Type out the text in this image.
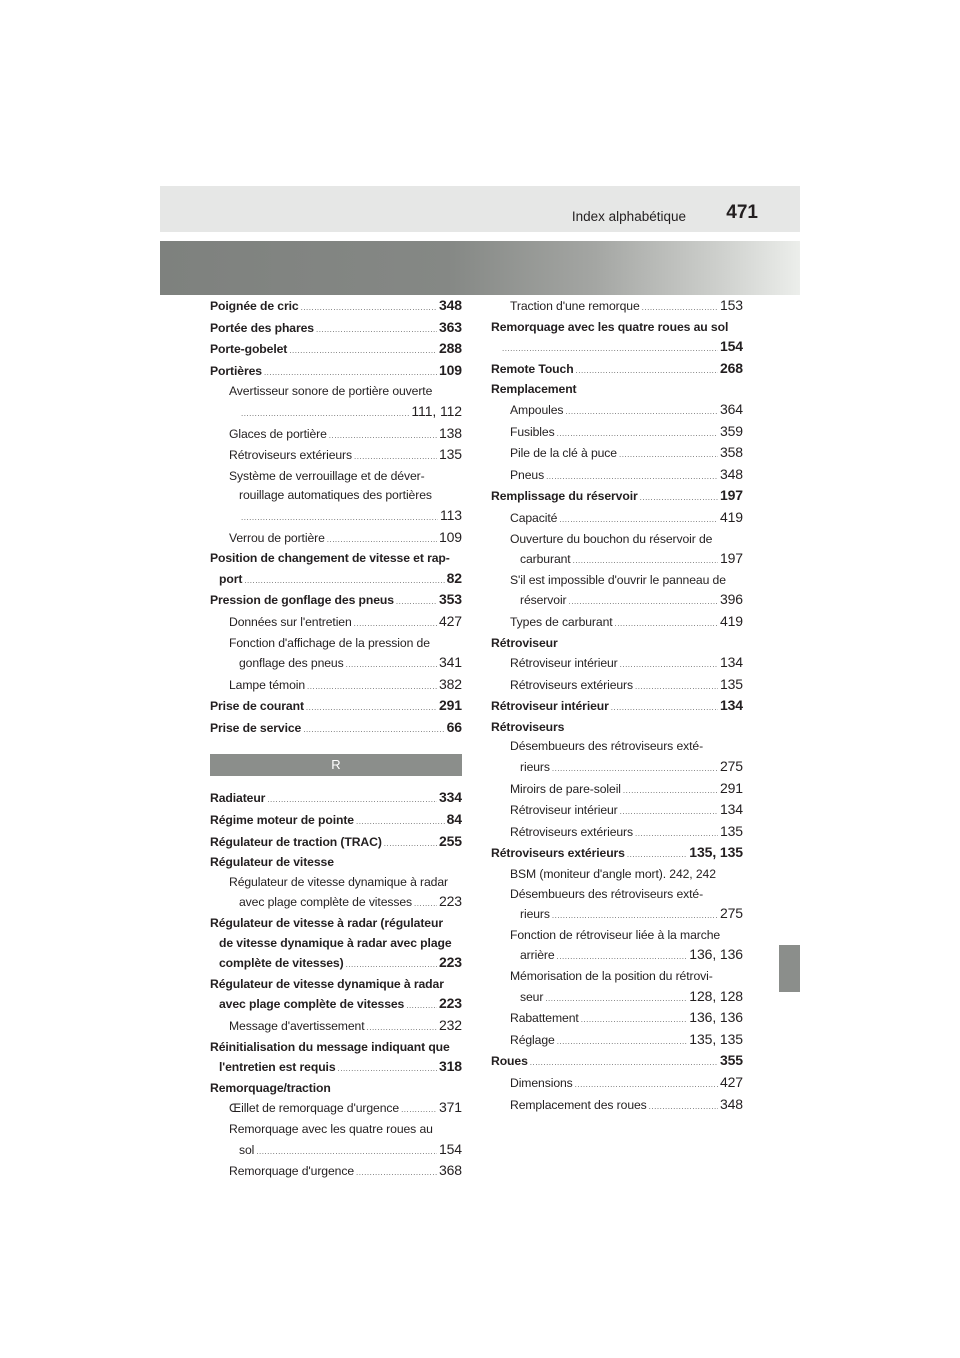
Index alphabétique 471
Poignée de cric .....	348
Portée des phares .....	363
Porte-gobelet .....	288
Portières .....	109
Avertisseur sonore de portière ouverte
.....
111, 112
Glaces de portière .....	138
Rétroviseurs extérieurs .....	135
Système de verrouillage et de déver-
rouillage automatiques des portières
.....
113
Verrou de portière .....	109
Position de changement de vitesse et rap-
port .....	82
Pression de gonflage des pneus .....	353
Données sur l'entretien .....	427
Fonction d'affichage de la pression de
gonflage des pneus .....	341
Lampe témoin .....	382
Prise de courant .....	291
Prise de service .....	66
R
Radiateur .....	334
Régime moteur de pointe .....	84
Régulateur de traction (TRAC) .....	255
Régulateur de vitesse
Régulateur de vitesse dynamique à radar
avec plage complète de vitesses ..... 223
Régulateur de vitesse à radar (régulateur
de vitesse dynamique à radar avec plage
complète de vitesses) .....	223
Régulateur de vitesse dynamique à radar
avec plage complète de vitesses ..... 223
Message d'avertissement .....	232
Réinitialisation du message indiquant que
l'entretien est requis .....	318
Remorquage/traction
Œillet de remorquage d'urgence .....	371
Remorquage avec les quatre roues au
sol .....	154
Remorquage d'urgence .....	368
Traction d'une remorque .....	153
Remorquage avec les quatre roues au sol
.....
154
Remote Touch .....	268
Remplacement
Ampoules .....	364
Fusibles .....	359
Pile de la clé à puce .....	358
Pneus .....	348
Remplissage du réservoir .....	197
Capacité .....	419
Ouverture du bouchon du réservoir de
carburant .....	197
S'il est impossible d'ouvrir le panneau de
réservoir .....	396
Types de carburant .....	419
Rétroviseur
Rétroviseur intérieur .....	134
Rétroviseurs extérieurs .....	135
Rétroviseur intérieur .....	134
Rétroviseurs
Désembueurs des rétroviseurs exté-
rieurs .....	275
Miroirs de pare-soleil .....	291
Rétroviseur intérieur .....	134
Rétroviseurs extérieurs .....	135
Rétroviseurs extérieurs .....	135, 135
BSM (moniteur d'angle mort). 242, 242
Désembueurs des rétroviseurs exté-
rieurs .....	275
Fonction de rétroviseur liée à la marche
arrière .....	136, 136
Mémorisation de la position du rétrovi-
seur .....	128, 128
Rabattement .....	136, 136
Réglage .....	135, 135
Roues .....	355
Dimensions .....	427
Remplacement des roues .....	348
